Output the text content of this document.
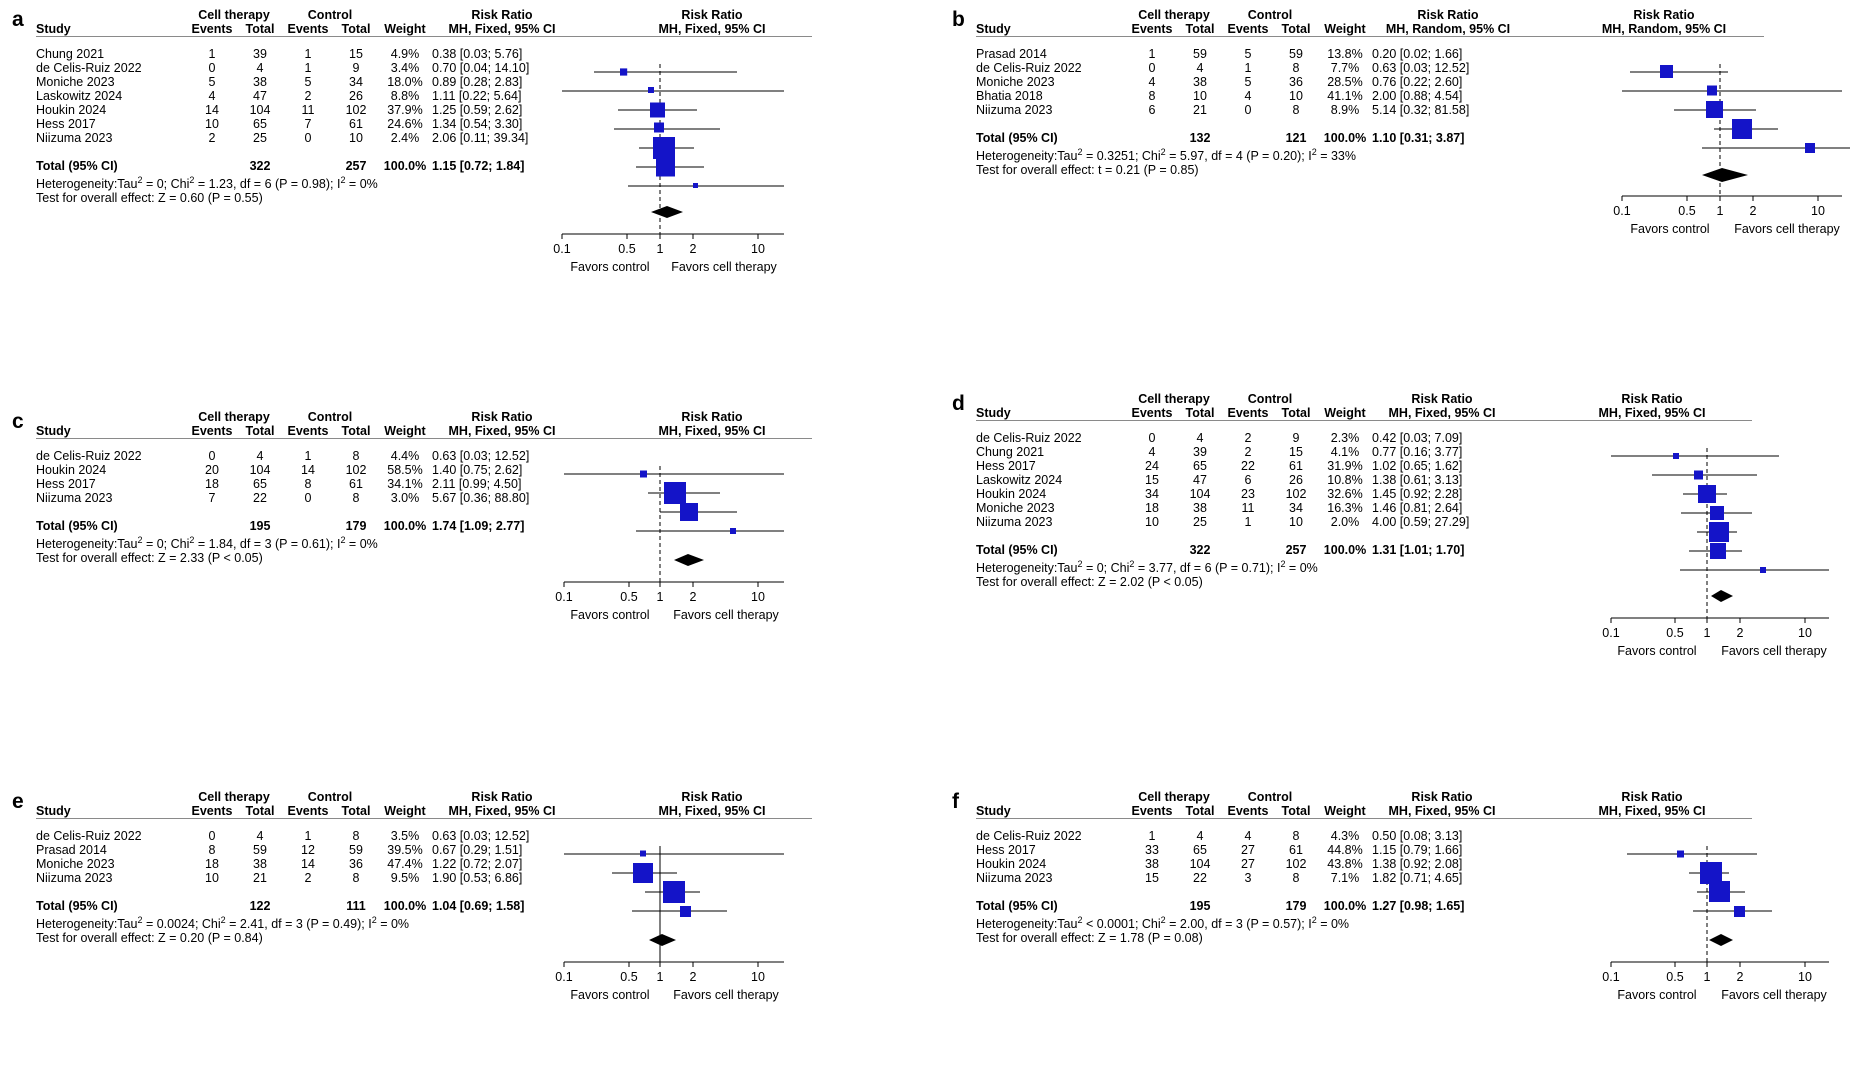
a
		Cell therapy		Control			Risk Ratio	Risk Ratio
Study	Events	Total	Events	Total	Weight	MH, Fixed, 95% CI	MH, Fixed, 95% CI

Chung 2021	1	39	1	15	4.9%	0.38 [0.03; 5.76]	
de Celis-Ruiz 2022	0	4	1	9	3.4%	0.70 [0.04; 14.10]	
Moniche 2023	5	38	5	34	18.0%	0.89 [0.28; 2.83]	
Laskowitz 2024	4	47	2	26	8.8%	1.11 [0.22; 5.64]	
Houkin 2024	14	104	11	102	37.9%	1.25 [0.59; 2.62]	
Hess 2017	10	65	7	61	24.6%	1.34 [0.54; 3.30]	
Niizuma 2023	2	25	0	10	2.4%	2.06 [0.11; 39.34]	

Total (95% CI)		322		257	100.0%	1.15 [0.72; 1.84]	

Heterogeneity:Tau$^2$ = 0; Chi$^2$ = 1.23, df = 6 (P = 0.98); $I^2 = 0\%$							
Test for overall effect: Z = 0.60 (P = 0.55)							
0.1	0.5 1 2	10
Favors control Favors cell therapy
b
		Cell therapy		Control			Risk Ratio	Risk Ratio
Study	Events	Total	Events	Total	Weight	MH, Random, 95% CI	MH, Random, 95% CI

Prasad 2014	1	59	5	59	13.8%	0.20 [0.02; 1.66]	
de Celis-Ruiz 2022	0	4	1	8	7.7%	0.63 [0.03; 12.52]	
Moniche 2023	4	38	5	36	28.5%	0.76 [0.22; 2.60]	
Bhatia 2018	8	10	4	10	41.1%	2.00 [0.88; 4.54]	
Niizuma 2023	6	21	0	8	8.9%	5.14 [0.32; 81.58]	

Total (95% CI)		132		121	100.0%	1.10 [0.31; 3.87]	

Heterogeneity:Tau$^2$ = 0.3251; Chi$^2$ = 5.97, df = 4 (P = 0.20); $I^2 = 33\%$							
Test for overall effect: t = 0.21 (P = 0.85)							
0.1	0.5 1 2	10
Favors control Favors cell therapy
c
		Cell therapy		Control			Risk Ratio	Risk Ratio
Study	Events	Total	Events	Total	Weight	MH, Fixed, 95% CI	MH, Fixed, 95% CI

de Celis-Ruiz 2022	0	4	1	8	4.4%	0.63 [0.03; 12.52]	
Houkin 2024	20	104	14	102	58.5%	1.40 [0.75; 2.62]	
Hess 2017	18	65	8	61	34.1%	2.11 [0.99; 4.50]	
Niizuma 2023	7	22	0	8	3.0%	5.67 [0.36; 88.80]	

Total (95% CI)		195		179	100.0%	1.74 [1.09; 2.77]	

Heterogeneity:Tau$^2$ = 0; Chi$^2$ = 1.84, df = 3 (P = 0.61); $I^2 = 0\%$							
Test for overall effect: Z = 2.33 (P < 0.05)							
0.1	0.5 1 2	10
Favors control Favors cell therapy
d
		Cell therapy		Control			Risk Ratio	Risk Ratio
Study	Events	Total	Events	Total	Weight	MH, Fixed, 95% CI	MH, Fixed, 95% CI

de Celis-Ruiz 2022	0	4	2	9	2.3%	0.42 [0.03; 7.09]	
Chung 2021	4	39	2	15	4.1%	0.77 [0.16; 3.77]	
Hess 2017	24	65	22	61	31.9%	1.02 [0.65; 1.62]	
Laskowitz 2024	15	47	6	26	10.8%	1.38 [0.61; 3.13]	
Houkin 2024	34	104	23	102	32.6%	1.45 [0.92; 2.28]	
Moniche 2023	18	38	11	34	16.3%	1.46 [0.81; 2.64]	
Niizuma 2023	10	25	1	10	2.0%	4.00 [0.59; 27.29]	

Total (95% CI)		322		257	100.0%	1.31 [1.01; 1.70]	

Heterogeneity:Tau$^2$ = 0; Chi$^2$ = 3.77, df = 6 (P = 0.71); $I^2 = 0\%$							
Test for overall effect: Z = 2.02 (P < 0.05)							
0.1	0.5 1 2	10
Favors control Favors cell therapy
e
		Cell therapy		Control			Risk Ratio	Risk Ratio
Study	Events	Total	Events	Total	Weight	MH, Fixed, 95% CI	MH, Fixed, 95% CI

de Celis-Ruiz 2022	0	4	1	8	3.5%	0.63 [0.03; 12.52]	
Prasad 2014	8	59	12	59	39.5%	0.67 [0.29; 1.51]	
Moniche 2023	18	38	14	36	47.4%	1.22 [0.72; 2.07]	
Niizuma 2023	10	21	2	8	9.5%	1.90 [0.53; 6.86]	

Total (95% CI)		122		111	100.0%	1.04 [0.69; 1.58]	

Heterogeneity:Tau$^2$ = 0.0024; Chi$^2$ = 2.41, df = 3 (P = 0.49); $I^2 = 0\%$							
Test for overall effect: Z = 0.20 (P = 0.84)							
0.1	0.5 1 2	10
Favors control Favors cell therapy
f
		Cell therapy		Control			Risk Ratio	Risk Ratio
Study	Events	Total	Events	Total	Weight	MH, Fixed, 95% CI	MH, Fixed, 95% CI

de Celis-Ruiz 2022	1	4	4	8	4.3%	0.50 [0.08; 3.13]	
Hess 2017	33	65	27	61	44.8%	1.15 [0.79; 1.66]	
Houkin 2024	38	104	27	102	43.8%	1.38 [0.92; 2.08]	
Niizuma 2023	15	22	3	8	7.1%	1.82 [0.71; 4.65]	

Total (95% CI)		195		179	100.0%	1.27 [0.98; 1.65]	

Heterogeneity:Tau$^2$ < 0.0001; Chi$^2$ = 2.00, df = 3 (P = 0.57); $I^2 = 0\%$							
Test for overall effect: Z = 1.78 (P = 0.08)							
0.1	0.5 1 2	10
Favors control Favors cell therapy
